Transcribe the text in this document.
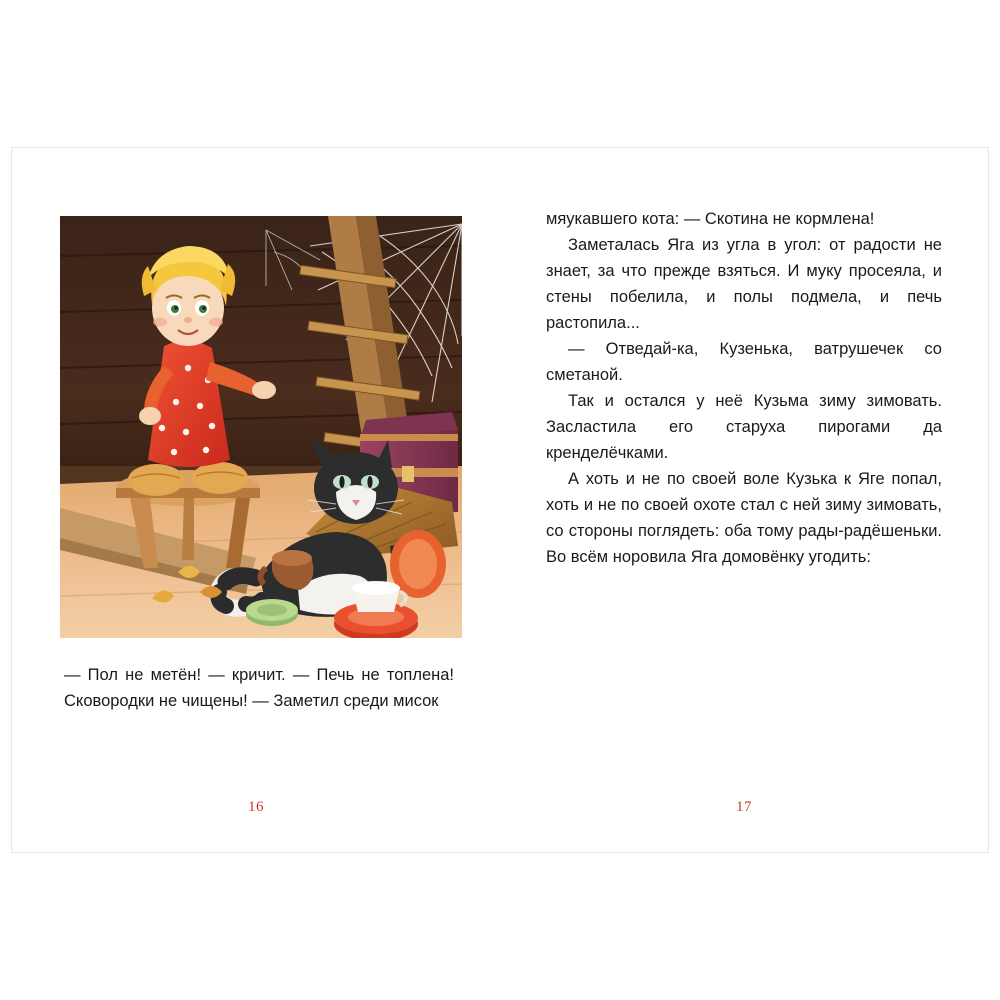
— Пол не метён! — кричит. — Печь не топлена! Сковородки не чищены! — Заметил среди мисок

16

мяукавшего кота: — Скотина не кормлена!

Заметалась Яга из угла в угол: от радости не знает, за что прежде взяться. И муку просеяла, и стены побелила, и полы подмела, и печь растопила...

— Отведай-ка, Кузенька, ватрушечек со сметаной.

Так и остался у неё Кузьма зиму зимовать. Засластила его старуха пирогами да кренделёчками.

А хоть и не по своей воле Кузька к Яге попал, хоть и не по своей охоте стал с ней зиму зимовать, со стороны поглядеть: оба тому рады-радёшеньки. Во всём норовила Яга домовёнку угодить:

17
